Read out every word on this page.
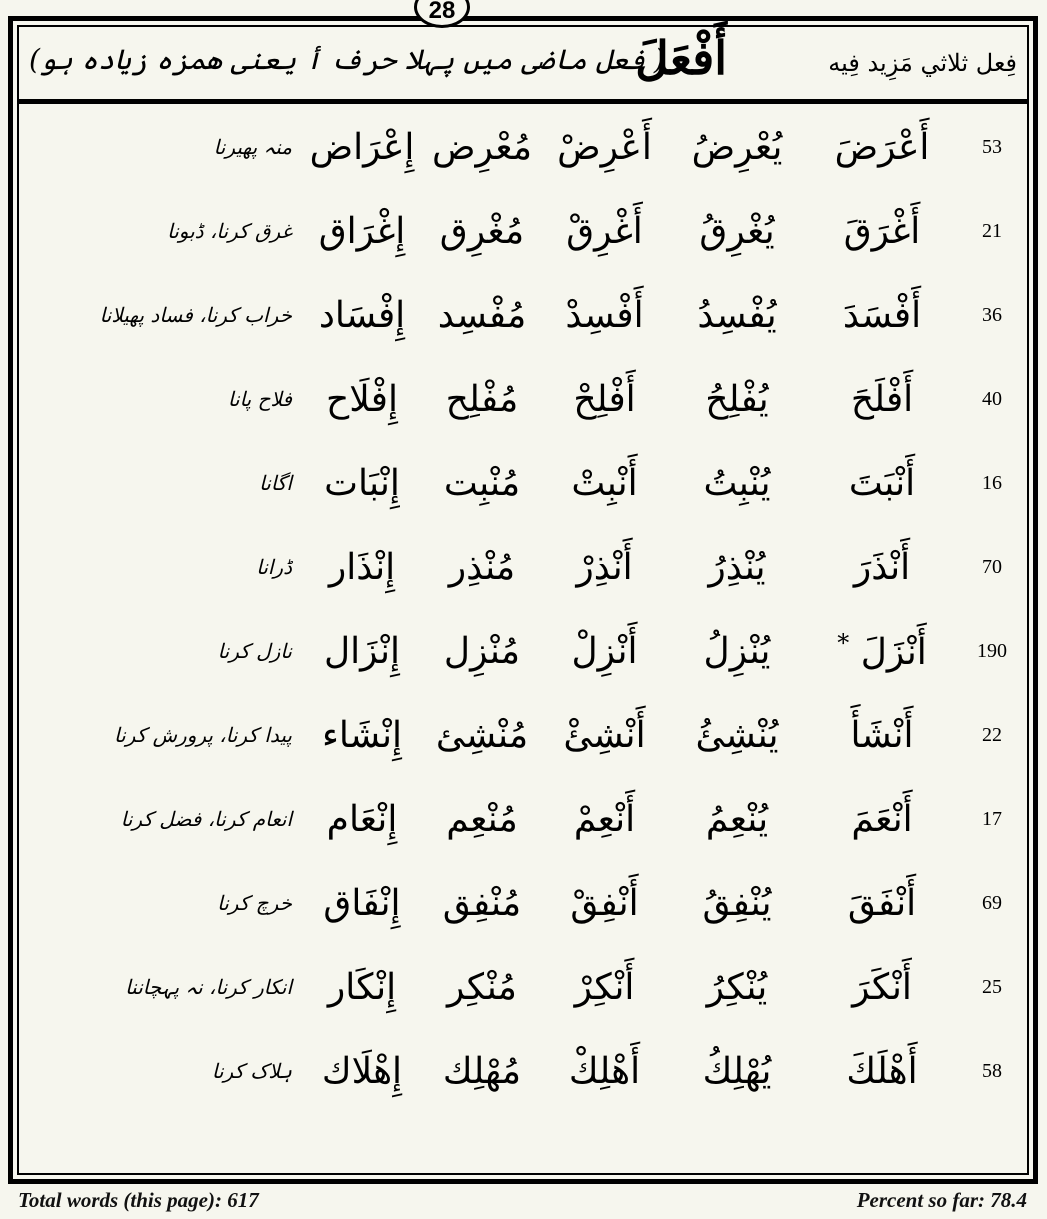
28
فِعل ثلاثي مَزِيد فِيه
أَفْعَلَ
( فعل ماضی میں پہلا حرف أ یعنی همزہ زیادہ ہو)
53
أَعْرَضَ
يُعْرِضُ
أَعْرِضْ
مُعْرِض
إِعْرَاض
منہ پھیرنا
21
أَغْرَقَ
يُغْرِقُ
أَغْرِقْ
مُغْرِق
إِغْرَاق
غرق کرنا، ڈبونا
36
أَفْسَدَ
يُفْسِدُ
أَفْسِدْ
مُفْسِد
إِفْسَاد
خراب کرنا، فساد پھیلانا
40
أَفْلَحَ
يُفْلِحُ
أَفْلِحْ
مُفْلِح
إِفْلَاح
فلاح پانا
16
أَنْبَتَ
يُنْبِتُ
أَنْبِتْ
مُنْبِت
إِنْبَات
اگانا
70
أَنْذَرَ
يُنْذِرُ
أَنْذِرْ
مُنْذِر
إِنْذَار
ڈرانا
190
أَنْزَلَ *
يُنْزِلُ
أَنْزِلْ
مُنْزِل
إِنْزَال
نازل کرنا
22
أَنْشَأَ
يُنْشِئُ
أَنْشِئْ
مُنْشِئ
إِنْشَاء
پیدا کرنا، پرورش کرنا
17
أَنْعَمَ
يُنْعِمُ
أَنْعِمْ
مُنْعِم
إِنْعَام
انعام کرنا، فضل کرنا
69
أَنْفَقَ
يُنْفِقُ
أَنْفِقْ
مُنْفِق
إِنْفَاق
خرچ کرنا
25
أَنْكَرَ
يُنْكِرُ
أَنْكِرْ
مُنْكِر
إِنْكَار
انکار کرنا، نہ پہچاننا
58
أَهْلَكَ
يُهْلِكُ
أَهْلِكْ
مُهْلِك
إِهْلَاك
ہلاک کرنا
Total words (this page): 617	Percent so far: 78.4
